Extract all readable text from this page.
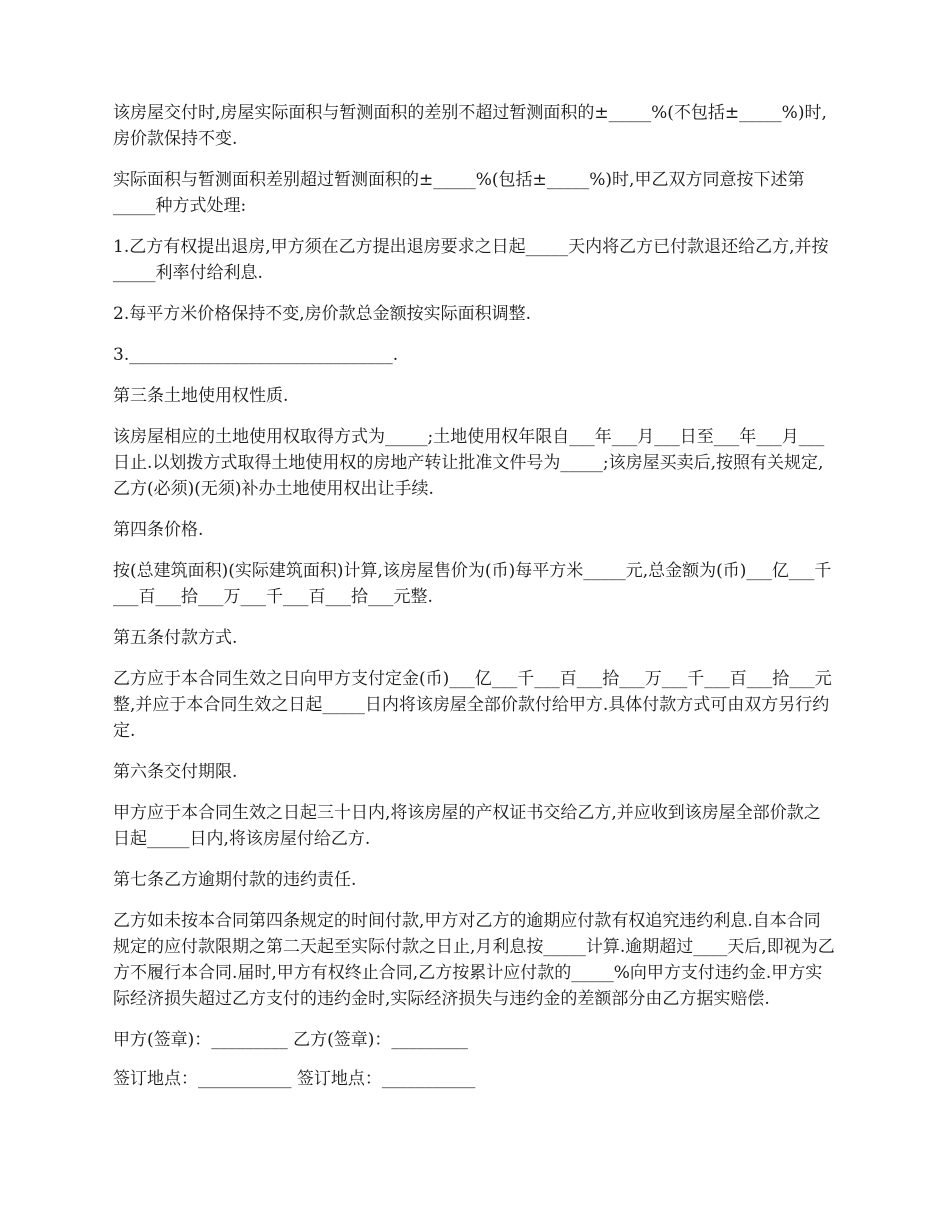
该房屋交付时,房屋实际面积与暂测面积的差别不超过暂测面积的±_____%(不包括±_____%)时,房价款保持不变.

实际面积与暂测面积差别超过暂测面积的±_____%(包括±_____%)时,甲乙双方同意按下述第_____种方式处理:

1.乙方有权提出退房,甲方须在乙方提出退房要求之日起_____天内将乙方已付款退还给乙方,并按_____利率付给利息.

2.每平方米价格保持不变,房价款总金额按实际面积调整.

3._______________________________.

第三条土地使用权性质.

该房屋相应的土地使用权取得方式为_____;土地使用权年限自___年___月___日至___年___月___日止.以划拨方式取得土地使用权的房地产转让批准文件号为_____;该房屋买卖后,按照有关规定,乙方(必须)(无须)补办土地使用权出让手续.

第四条价格.

按(总建筑面积)(实际建筑面积)计算,该房屋售价为(币)每平方米_____元,总金额为(币)___亿___千___百___拾___万___千___百___拾___元整.

第五条付款方式.

乙方应于本合同生效之日向甲方支付定金(币)___亿___千___百___拾___万___千___百___拾___元整,并应于本合同生效之日起_____日内将该房屋全部价款付给甲方.具体付款方式可由双方另行约定.

第六条交付期限.

甲方应于本合同生效之日起三十日内,将该房屋的产权证书交给乙方,并应收到该房屋全部价款之日起_____日内,将该房屋付给乙方.

第七条乙方逾期付款的违约责任.

乙方如未按本合同第四条规定的时间付款,甲方对乙方的逾期应付款有权追究违约利息.自本合同规定的应付款限期之第二天起至实际付款之日止,月利息按_____计算.逾期超过____天后,即视为乙方不履行本合同.届时,甲方有权终止合同,乙方按累计应付款的_____%向甲方支付违约金.甲方实际经济损失超过乙方支付的违约金时,实际经济损失与违约金的差额部分由乙方据实赔偿.

甲方(签章)：_________ 乙方(签章)：_________

签订地点：___________ 签订地点：___________
